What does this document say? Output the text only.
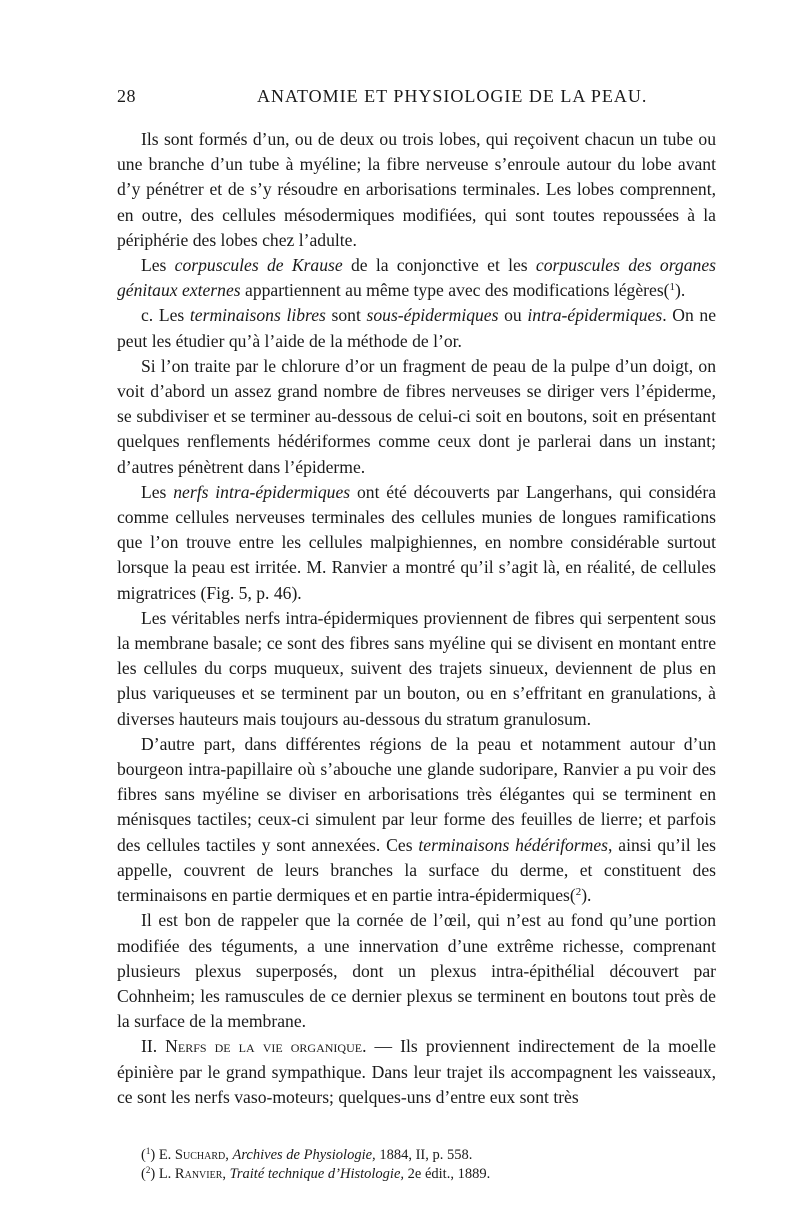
28	ANATOMIE ET PHYSIOLOGIE DE LA PEAU.

Ils sont formés d’un, ou de deux ou trois lobes, qui reçoivent chacun un tube ou une branche d’un tube à myéline; la fibre nerveuse s’enroule autour du lobe avant d’y pénétrer et de s’y résoudre en arborisations terminales. Les lobes comprennent, en outre, des cellules mésodermiques modifiées, qui sont toutes repoussées à la périphérie des lobes chez l’adulte.

Les corpuscules de Krause de la conjonctive et les corpuscules des organes génitaux externes appartiennent au même type avec des modifications légères($^1$).

c. Les terminaisons libres sont sous-épidermiques ou intra-épidermiques. On ne peut les étudier qu’à l’aide de la méthode de l’or.

Si l’on traite par le chlorure d’or un fragment de peau de la pulpe d’un doigt, on voit d’abord un assez grand nombre de fibres nerveuses se diriger vers l’épiderme, se subdiviser et se terminer au-dessous de celui-ci soit en boutons, soit en présentant quelques renflements hédériformes comme ceux dont je parlerai dans un instant; d’autres pénètrent dans l’épiderme.

Les nerfs intra-épidermiques ont été découverts par Langerhans, qui considéra comme cellules nerveuses terminales des cellules munies de longues ramifications que l’on trouve entre les cellules malpighiennes, en nombre considérable surtout lorsque la peau est irritée. M. Ranvier a montré qu’il s’agit là, en réalité, de cellules migratrices (Fig. 5, p. 46).

Les véritables nerfs intra-épidermiques proviennent de fibres qui serpentent sous la membrane basale; ce sont des fibres sans myéline qui se divisent en montant entre les cellules du corps muqueux, suivent des trajets sinueux, deviennent de plus en plus variqueuses et se terminent par un bouton, ou en s’effritant en granulations, à diverses hauteurs mais toujours au-dessous du stratum granulosum.

D’autre part, dans différentes régions de la peau et notamment autour d’un bourgeon intra-papillaire où s’abouche une glande sudoripare, Ranvier a pu voir des fibres sans myéline se diviser en arborisations très élégantes qui se terminent en ménisques tactiles; ceux-ci simulent par leur forme des feuilles de lierre; et parfois des cellules tactiles y sont annexées. Ces terminaisons hédériformes, ainsi qu’il les appelle, couvrent de leurs branches la surface du derme, et constituent des terminaisons en partie dermiques et en partie intra-épidermiques($^2$).

Il est bon de rappeler que la cornée de l’œil, qui n’est au fond qu’une portion modifiée des téguments, a une innervation d’une extrême richesse, comprenant plusieurs plexus superposés, dont un plexus intra-épithélial découvert par Cohnheim; les ramuscules de ce dernier plexus se terminent en boutons tout près de la surface de la membrane.

II. Nerfs de la vie organique. — Ils proviennent indirectement de la moelle épinière par le grand sympathique. Dans leur trajet ils accompagnent les vaisseaux, ce sont les nerfs vaso-moteurs; quelques-uns d’entre eux sont très

($^1$) E. Suchard, Archives de Physiologie, 1884, II, p. 558.
($^2$) L. Ranvier, Traité technique d’Histologie, 2e édit., 1889.
